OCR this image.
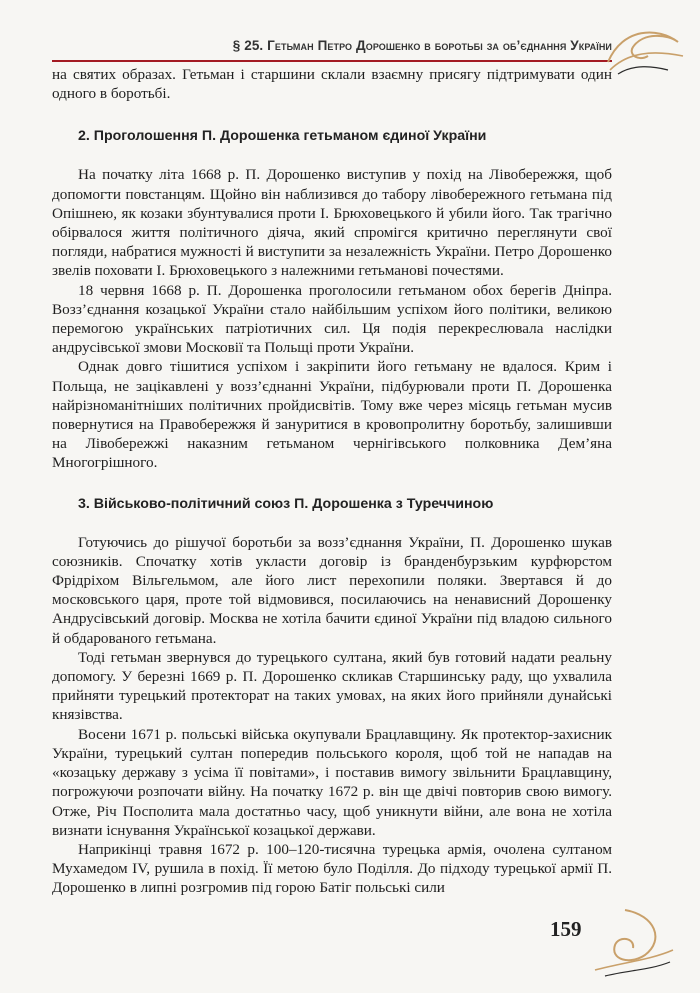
§ 25. Гетьман Петро Дорошенко в боротьбі за об’єднання України

на святих образах. Гетьман і старшини склали взаємну присягу підтримувати один одного в боротьбі.

2. Проголошення П. Дорошенка гетьманом єдиної України

На початку літа 1668 р. П. Дорошенко виступив у похід на Лівобережжя, щоб допомогти повстанцям. Щойно він наблизився до табору лівобережного гетьмана під Опішнею, як козаки збунтувалися проти І. Брюховецького й убили його. Так трагічно обірвалося життя політичного діяча, який спромігся критично переглянути свої погляди, набратися мужності й виступити за незалежність України. Петро Дорошенко звелів поховати І. Брюховецького з належними гетьманові почестями.

18 червня 1668 р. П. Дорошенка проголосили гетьманом обох берегів Дніпра. Возз’єднання козацької України стало найбільшим успіхом його політики, великою перемогою українських патріотичних сил. Ця подія перекреслювала наслідки андрусівської змови Московії та Польщі проти України.

Однак довго тішитися успіхом і закріпити його гетьману не вдалося. Крим і Польща, не зацікавлені у возз’єднанні України, підбурювали проти П. Дорошенка найрізноманітніших політичних пройдисвітів. Тому вже через місяць гетьман мусив повернутися на Правобережжя й зануритися в кровопролитну боротьбу, залишивши на Лівобережжі наказним гетьманом чернігівського полковника Дем’яна Многогрішного.

3. Військово-політичний союз П. Дорошенка з Туреччиною

Готуючись до рішучої боротьби за возз’єднання України, П. Дорошенко шукав союзників. Спочатку хотів укласти договір із бранденбурзьким курфюрстом Фрідріхом Вільгельмом, але його лист перехопили поляки. Звертався й до московського царя, проте той відмовився, посилаючись на ненависний Дорошенку Андрусівський договір. Москва не хотіла бачити єдиної України під владою сильного й обдарованого гетьмана.

Тоді гетьман звернувся до турецького султана, який був готовий надати реальну допомогу. У березні 1669 р. П. Дорошенко скликав Старшинську раду, що ухвалила прийняти турецький протекторат на таких умовах, на яких його прийняли дунайські князівства.

Восени 1671 р. польські війська окупували Брацлавщину. Як протектор-захисник України, турецький султан попередив польського короля, щоб той не нападав на «козацьку державу з усіма її повітами», і поставив вимогу звільнити Брацлавщину, погрожуючи розпочати війну. На початку 1672 р. він ще двічі повторив свою вимогу. Отже, Річ Посполита мала достатньо часу, щоб уникнути війни, але вона не хотіла визнати існування Української козацької держави.

Наприкінці травня 1672 р. 100–120-тисячна турецька армія, очолена султаном Мухамедом IV, рушила в похід. Її метою було Поділля. До підходу турецької армії П. Дорошенко в липні розгромив під горою Батіг польські сили

159
